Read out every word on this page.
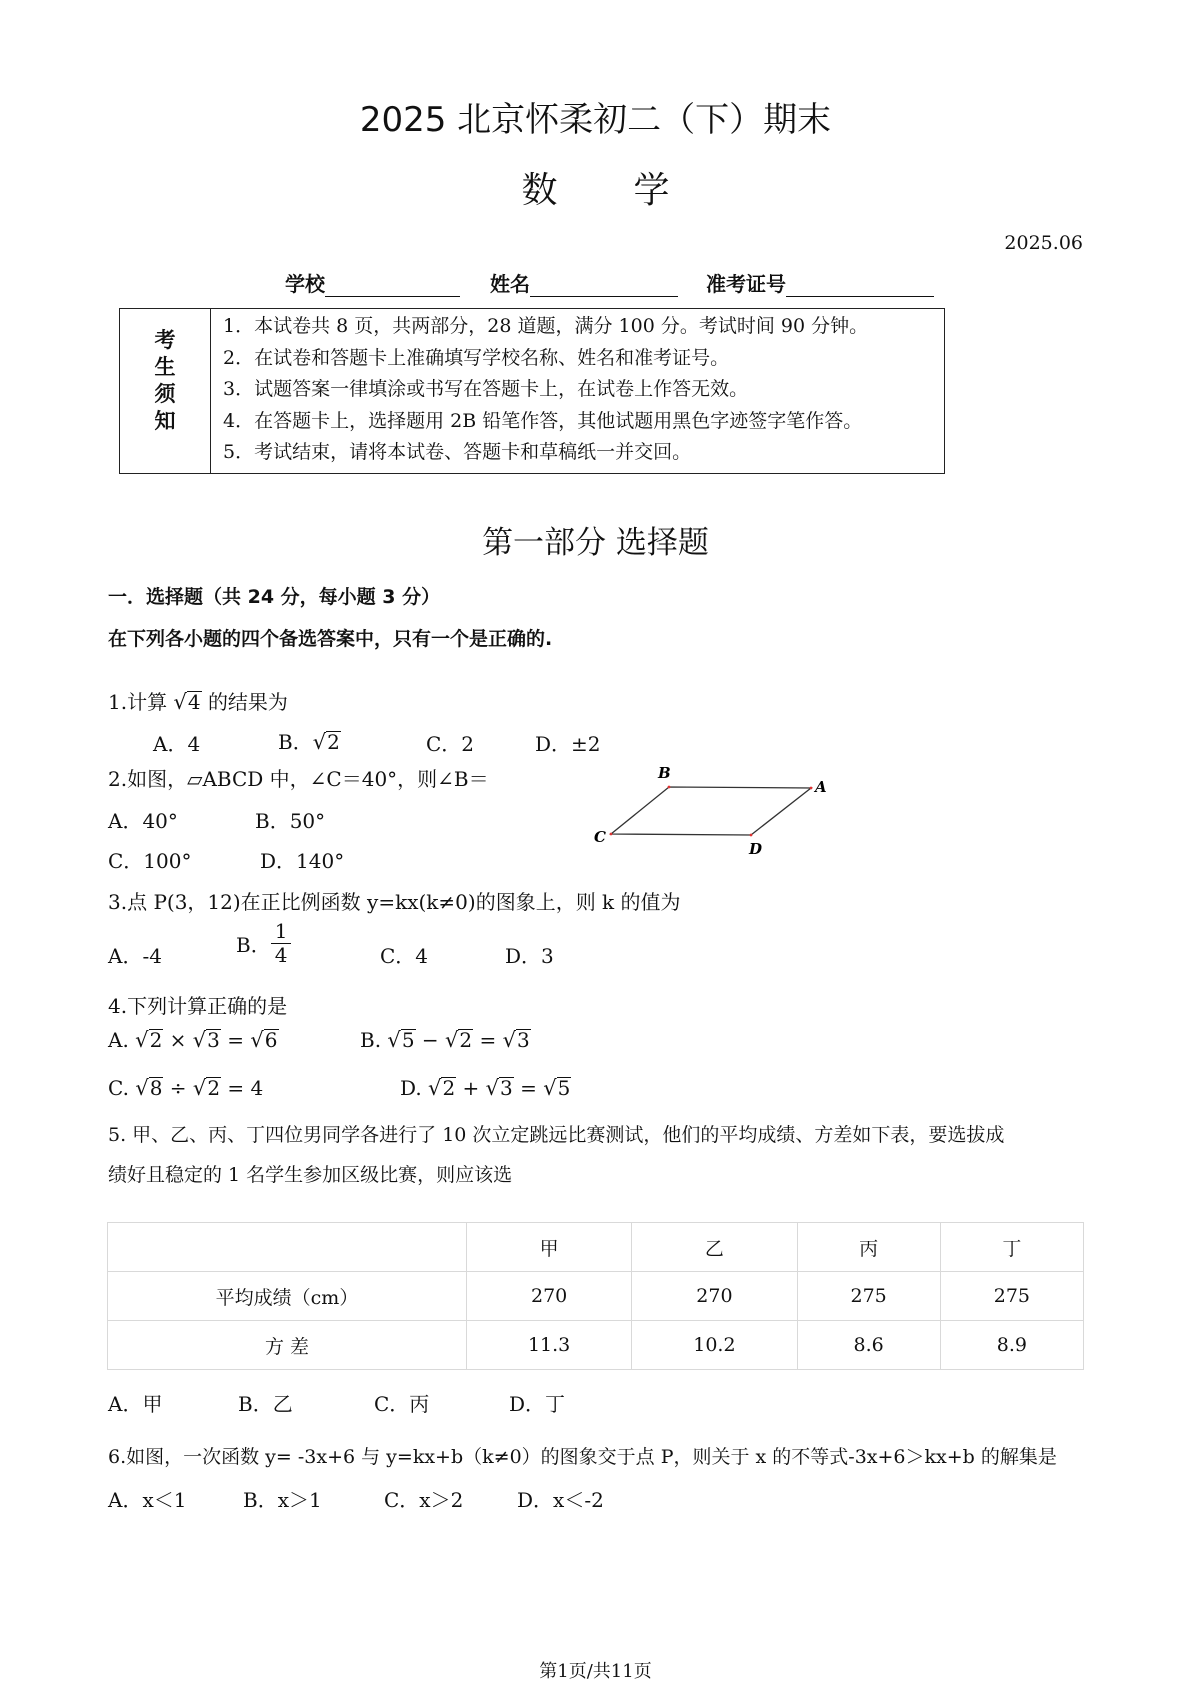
2025 北京怀柔初二（下）期末
数 学
2025.06
学校	姓名	准考证号
考
生
须
知

1．本试卷共 8 页，共两部分，28 道题，满分 100 分。考试时间 90 分钟。
2．在试卷和答题卡上准确填写学校名称、姓名和准考证号。
3．试题答案一律填涂或书写在答题卡上，在试卷上作答无效。
4．在答题卡上，选择题用 2B 铅笔作答，其他试题用黑色字迹签字笔作答。
5．考试结束，请将本试卷、答题卡和草稿纸一并交回。
第一部分 选择题
一．选择题（共 24 分，每小题 3 分）
在下列各小题的四个备选答案中，只有一个是正确的.
1.计算 √4 的结果为
A．4	B．√2	C．2	D．±2
2.如图，▱ABCD 中，∠C＝40°，则∠B＝
A．40°	B．50°
C．100°	D．140°
B
A
C
D
3.点 P(3，12)在正比例函数 y=kx(k≠0)的图象上，则 k 的值为
A．-4	B． $\frac{1}{4}$	C．4	D．3
4.下列计算正确的是
A. √2 × √3 = √6	B. √5 − √2 = √3
C. √8 ÷ √2 = 4	D. √2 + √3 = √5
5. 甲、乙、丙、丁四位男同学各进行了 10 次立定跳远比赛测试，他们的平均成绩、方差如下表，要选拔成
绩好且稳定的 1 名学生参加区级比赛，则应该选
	甲	乙	丙	丁
平均成绩（cm）	270	270	275	275
方 差	11.3	10.2	8.6	8.9
A．甲	B．乙	C．丙	D．丁
6.如图，一次函数 y= -3x+6 与 y=kx+b（k≠0）的图象交于点 P，则关于 x 的不等式-3x+6＞kx+b 的解集是
A．x＜1	B．x＞1	C．x＞2	D．x＜-2
第1页/共11页
